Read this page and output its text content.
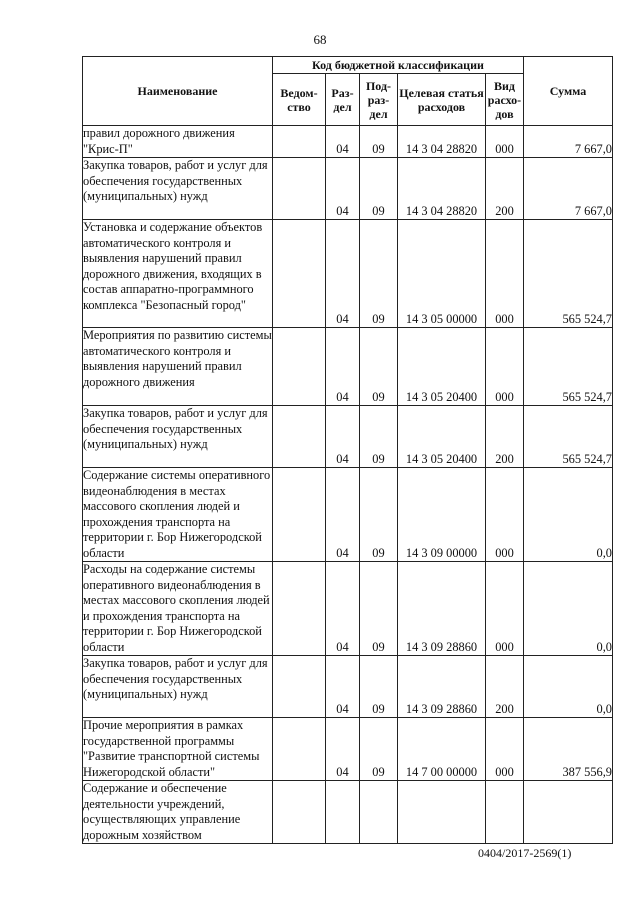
68
Наименование	Код бюджетной классификации					Сумма
	Ведом-ство	Раз-дел	Под-раз-дел	Целевая статья расходов	Вид расхо-дов	
правил дорожного движения "Крис-П"		04	09	14 3 04 28820	000	7 667,0
Закупка товаров, работ и услуг для обеспечения государственных (муниципальных) нужд		04	09	14 3 04 28820	200	7 667,0
Установка и содержание объектов автоматического контроля и выявления нарушений правил дорожного движения, входящих в состав аппаратно-программного комплекса "Безопасный город"		04	09	14 3 05 00000	000	565 524,7
Мероприятия по развитию системы автоматического контроля и выявления нарушений правил дорожного движения		04	09	14 3 05 20400	000	565 524,7
Закупка товаров, работ и услуг для обеспечения государственных (муниципальных) нужд		04	09	14 3 05 20400	200	565 524,7
Содержание системы оперативного видеонаблюдения в местах массового скопления людей и прохождения транспорта на территории г. Бор Нижегородской области		04	09	14 3 09 00000	000	0,0
Расходы на содержание системы оперативного видеонаблюдения в местах массового скопления людей и прохождения транспорта на территории г. Бор Нижегородской области		04	09	14 3 09 28860	000	0,0
Закупка товаров, работ и услуг для обеспечения государственных (муниципальных) нужд		04	09	14 3 09 28860	200	0,0
Прочие мероприятия в рамках государственной программы "Развитие транспортной системы Нижегородской области"		04	09	14 7 00 00000	000	387 556,9
Содержание и обеспечение деятельности учреждений, осуществляющих управление дорожным хозяйством						
0404/2017-2569(1)
